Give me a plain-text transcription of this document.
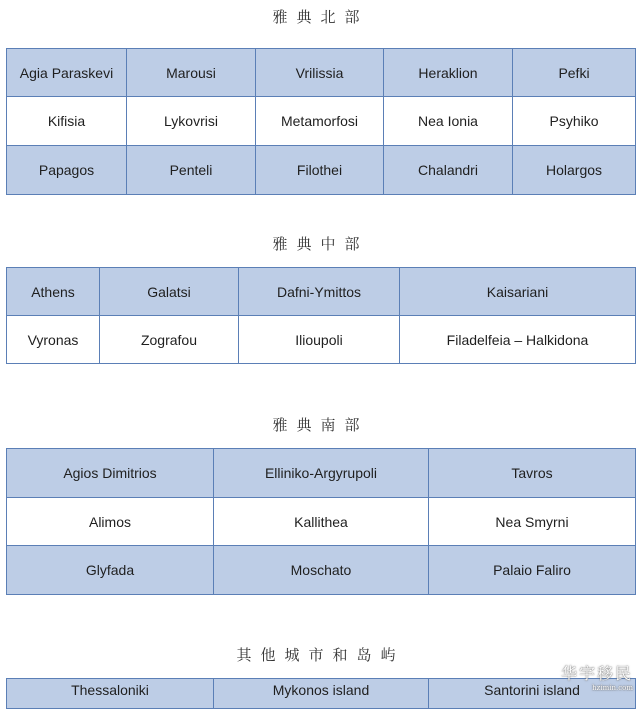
雅典北部
Agia Paraskevi	Marousi	Vrilissia	Heraklion	Pefki
Kifisia	Lykovrisi	Metamorfosi	Nea Ionia	Psyhiko
Papagos	Penteli	Filothei	Chalandri	Holargos
雅典中部
Athens	Galatsi	Dafni-Ymittos	Kaisariani
Vyronas	Zografou	Ilioupoli	Filadelfeia – Halkidona
雅典南部
Agios Dimitrios	Elliniko-Argyrupoli	Tavros
Alimos	Kallithea	Nea Smyrni
Glyfada	Moschato	Palaio Faliro
其他城市和岛屿
Thessaloniki	Mykonos island	Santorini island
华宇移民
hzimin.com
